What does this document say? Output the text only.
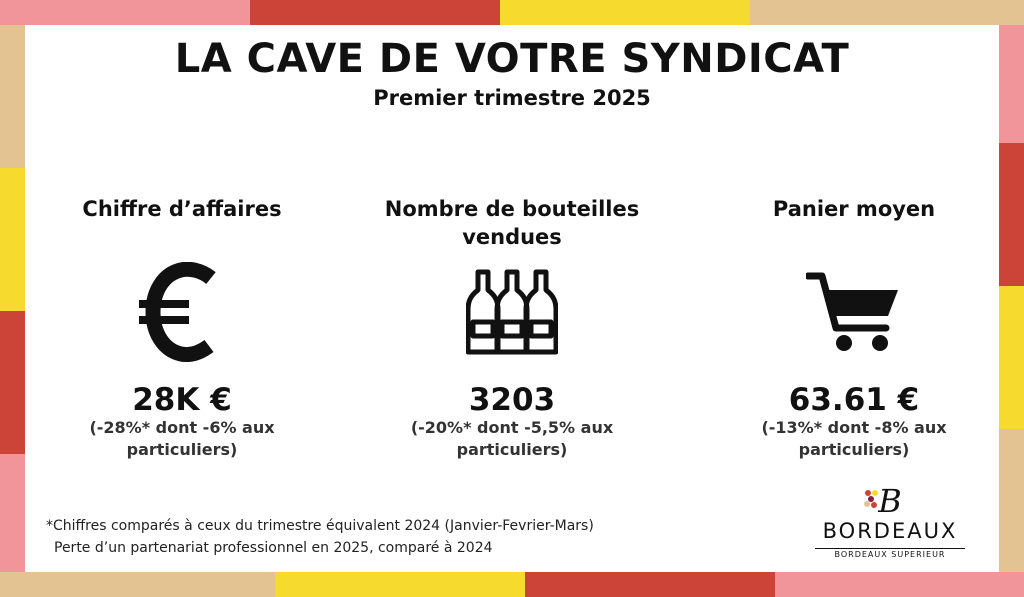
LA CAVE DE VOTRE SYNDICAT
Premier trimestre 2025
Chiffre d’affaires
28K €
(-28%* dont -6% aux particuliers)
Nombre de bouteilles vendues
3203
(-20%* dont -5,5% aux particuliers)
Panier moyen
63.61 €
(-13%* dont -8% aux particuliers)
*Chiffres comparés à ceux du trimestre équivalent 2024 (Janvier-Fevrier-Mars)
Perte d’un partenariat professionnel en 2025, comparé à 2024
B
BORDEAUX
BORDEAUX SUPERIEUR
